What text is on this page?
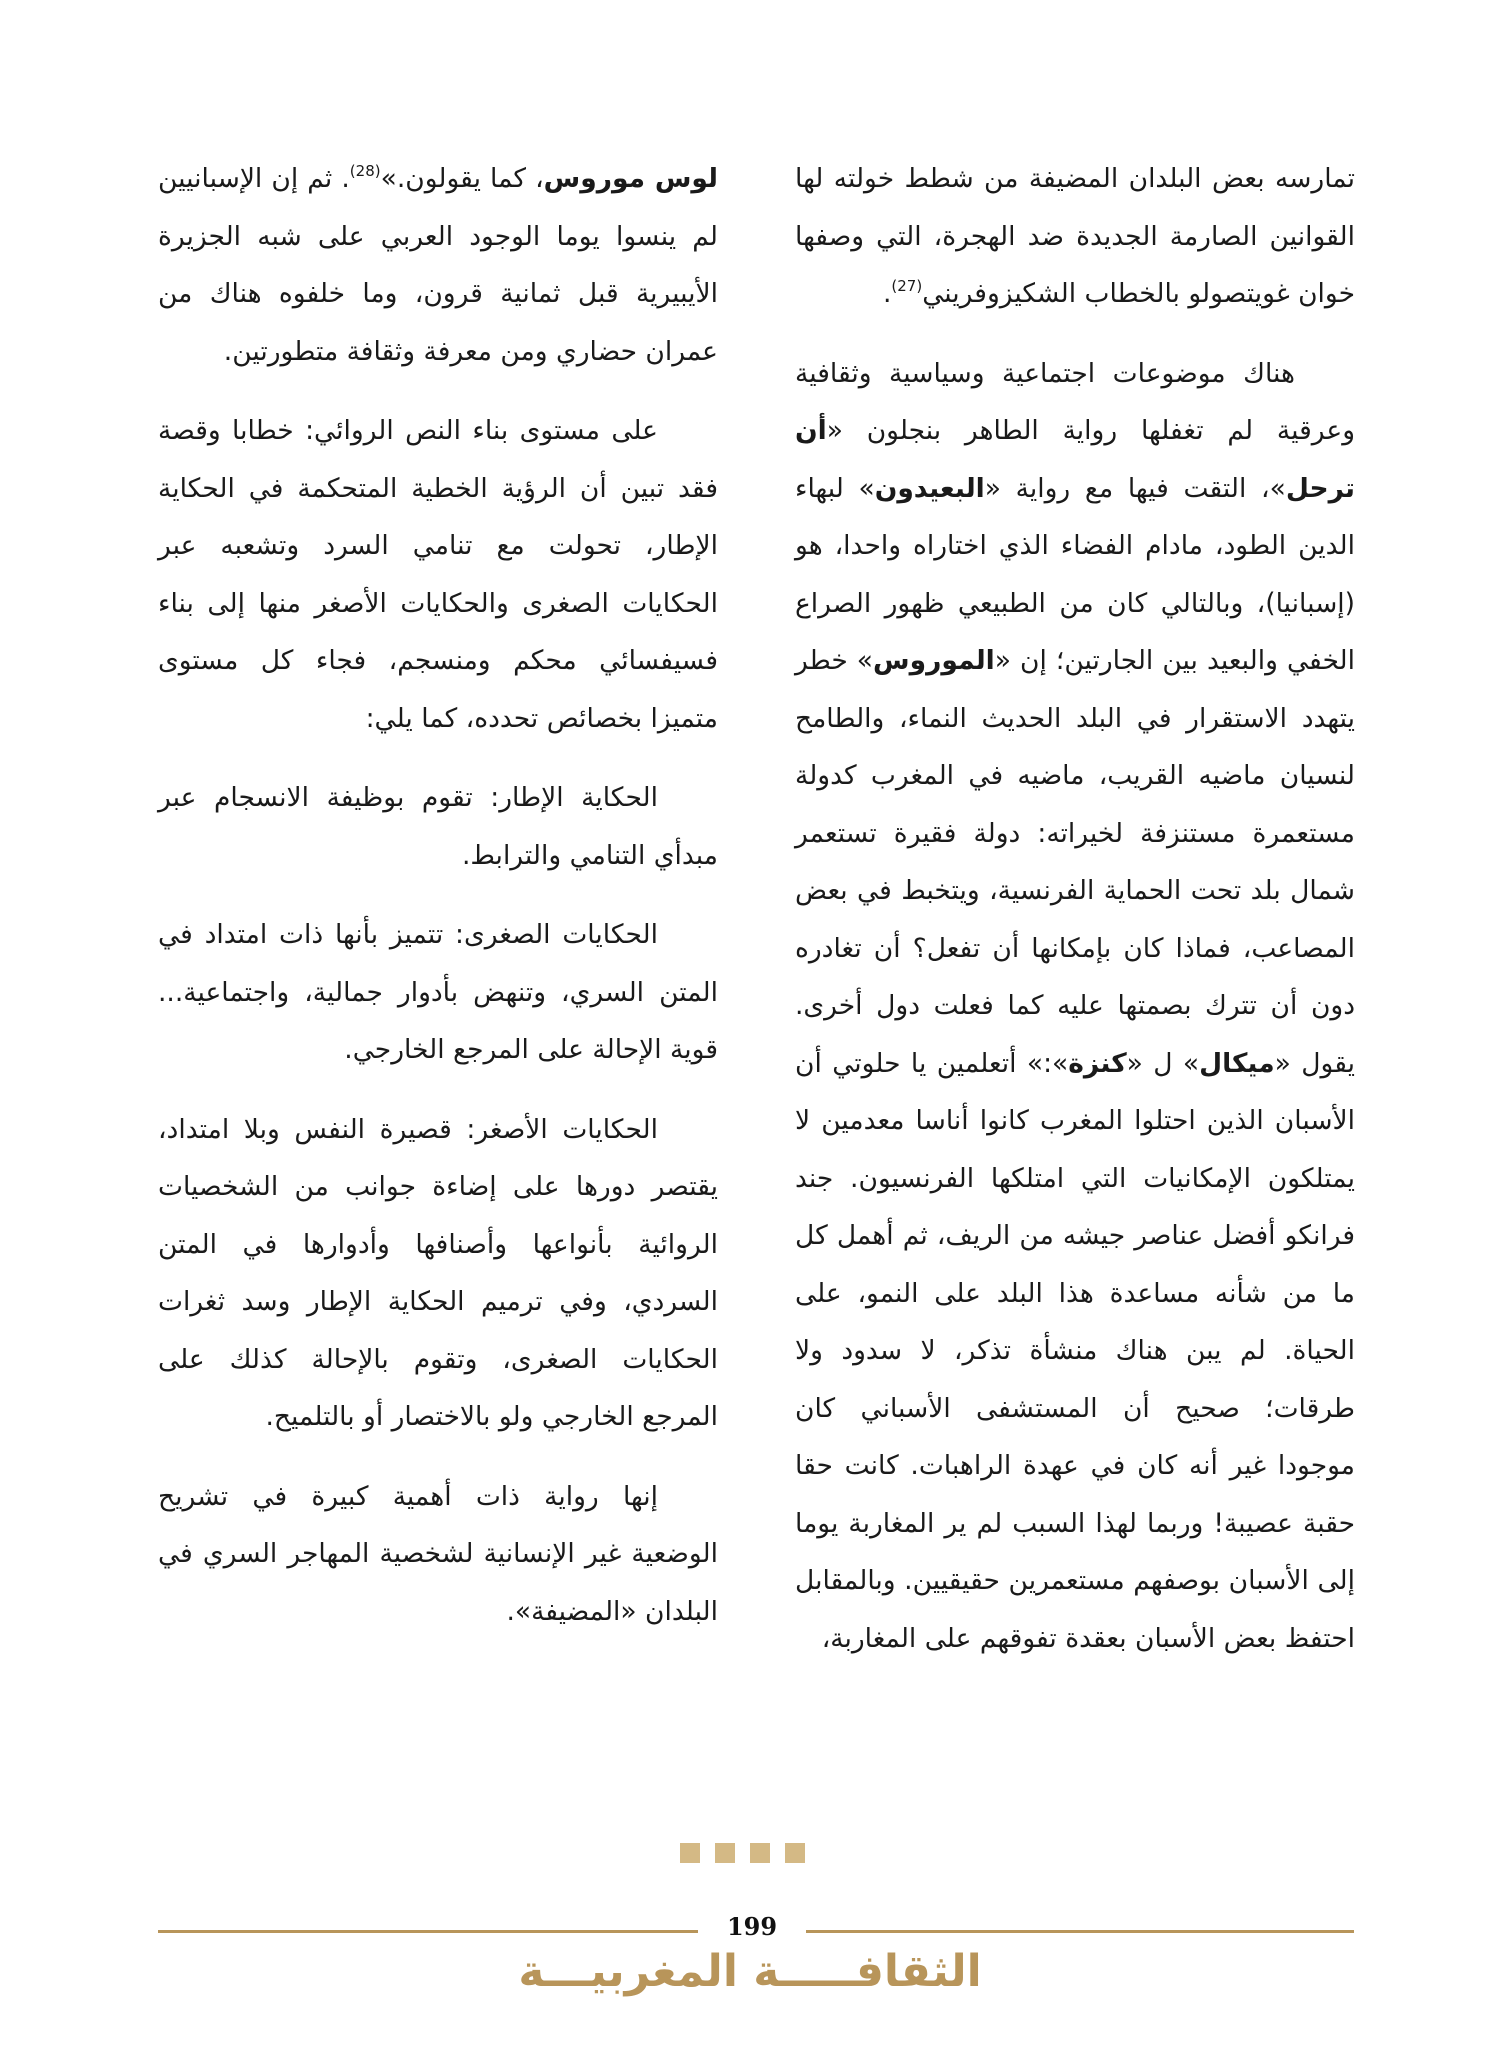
تمارسه بعض البلدان المضيفة من شطط خولته لها القوانين الصارمة الجديدة ضد الهجرة، التي وصفها خوان غويتصولو بالخطاب الشكيزوفريني$^{(27)}$.

هناك موضوعات اجتماعية وسياسية وثقافية وعرقية لم تغفلها رواية الطاهر بنجلون «أن ترحل»، التقت فيها مع رواية «البعيدون» لبهاء الدين الطود، مادام الفضاء الذي اختاراه واحدا، هو (إسبانيا)، وبالتالي كان من الطبيعي ظهور الصراع الخفي والبعيد بين الجارتين؛ إن «الموروس» خطر يتهدد الاستقرار في البلد الحديث النماء، والطامح لنسيان ماضيه القريب، ماضيه في المغرب كدولة مستعمرة مستنزفة لخيراته: دولة فقيرة تستعمر شمال بلد تحت الحماية الفرنسية، ويتخبط في بعض المصاعب، فماذا كان بإمكانها أن تفعل؟ أن تغادره دون أن تترك بصمتها عليه كما فعلت دول أخرى. يقول «ميكال» ل «كنزة»:» أتعلمين يا حلوتي أن الأسبان الذين احتلوا المغرب كانوا أناسا معدمين لا يمتلكون الإمكانيات التي امتلكها الفرنسيون. جند فرانكو أفضل عناصر جيشه من الريف، ثم أهمل كل ما من شأنه مساعدة هذا البلد على النمو، على الحياة. لم يبن هناك منشأة تذكر، لا سدود ولا طرقات؛ صحيح أن المستشفى الأسباني كان موجودا غير أنه كان في عهدة الراهبات. كانت حقا حقبة عصيبة! وربما لهذا السبب لم ير المغاربة يوما إلى الأسبان بوصفهم مستعمرين حقيقيين. وبالمقابل احتفظ بعض الأسبان بعقدة تفوقهم على المغاربة،

لوس موروس، كما يقولون.»$^{(28)}$. ثم إن الإسبانيين لم ينسوا يوما الوجود العربي على شبه الجزيرة الأيبيرية قبل ثمانية قرون، وما خلفوه هناك من عمران حضاري ومن معرفة وثقافة متطورتين.

على مستوى بناء النص الروائي: خطابا وقصة فقد تبين أن الرؤية الخطية المتحكمة في الحكاية الإطار، تحولت مع تنامي السرد وتشعبه عبر الحكايات الصغرى والحكايات الأصغر منها إلى بناء فسيفسائي محكم ومنسجم، فجاء كل مستوى متميزا بخصائص تحدده، كما يلي:

الحكاية الإطار: تقوم بوظيفة الانسجام عبر مبدأي التنامي والترابط.

الحكايات الصغرى: تتميز بأنها ذات امتداد في المتن السري، وتنهض بأدوار جمالية، واجتماعية... قوية الإحالة على المرجع الخارجي.

الحكايات الأصغر: قصيرة النفس وبلا امتداد، يقتصر دورها على إضاءة جوانب من الشخصيات الروائية بأنواعها وأصنافها وأدوارها في المتن السردي، وفي ترميم الحكاية الإطار وسد ثغرات الحكايات الصغرى، وتقوم بالإحالة كذلك على المرجع الخارجي ولو بالاختصار أو بالتلميح.

إنها رواية ذات أهمية كبيرة في تشريح الوضعية غير الإنسانية لشخصية المهاجر السري في البلدان «المضيفة».

199
الثقافـــــة المغربيـــة
